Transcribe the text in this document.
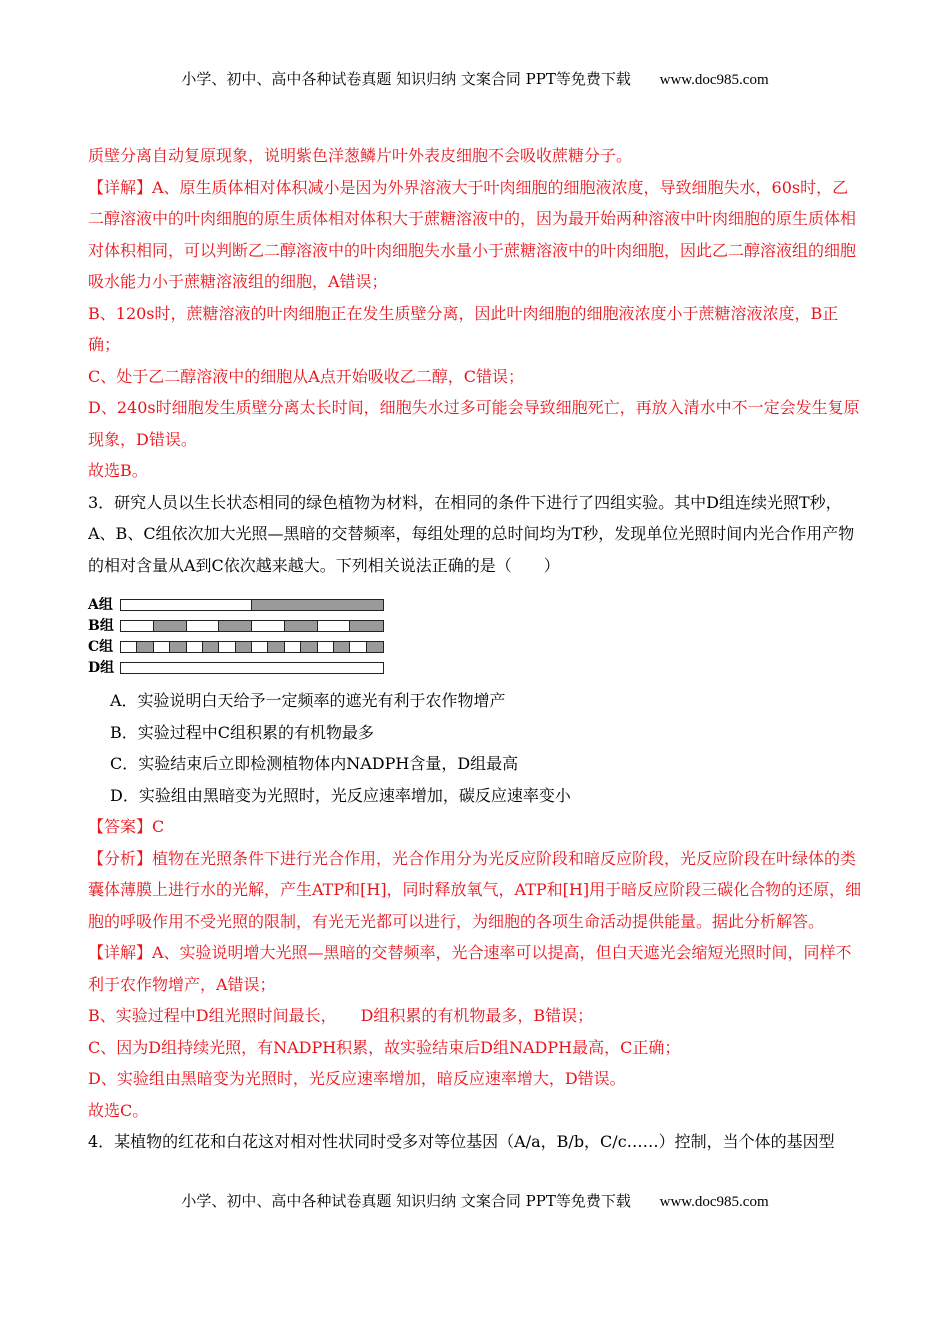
小学、初中、高中各种试卷真题 知识归纳 文案合同 PPT等免费下载 www.doc985.com

质壁分离自动复原现象，说明紫色洋葱鳞片叶外表皮细胞不会吸收蔗糖分子。

【详解】A、原生质体相对体积减小是因为外界溶液大于叶肉细胞的细胞液浓度，导致细胞失水，60s时，乙二醇溶液中的叶肉细胞的原生质体相对体积大于蔗糖溶液中的，因为最开始两种溶液中叶肉细胞的原生质体相对体积相同，可以判断乙二醇溶液中的叶肉细胞失水量小于蔗糖溶液中的叶肉细胞，因此乙二醇溶液组的细胞吸水能力小于蔗糖溶液组的细胞，A错误；

B、120s时，蔗糖溶液的叶肉细胞正在发生质壁分离，因此叶肉细胞的细胞液浓度小于蔗糖溶液浓度，B正确；

C、处于乙二醇溶液中的细胞从A点开始吸收乙二醇，C错误；

D、240s时细胞发生质壁分离太长时间，细胞失水过多可能会导致细胞死亡，再放入清水中不一定会发生复原现象，D错误。

故选B。

3．研究人员以生长状态相同的绿色植物为材料，在相同的条件下进行了四组实验。其中D组连续光照T秒，A、B、C组依次加大光照—黑暗的交替频率，每组处理的总时间均为T秒，发现单位光照时间内光合作用产物的相对含量从A到C依次越来越大。下列相关说法正确的是（　　）

A组
B组
C组
D组

A．实验说明白天给予一定频率的遮光有利于农作物增产

B．实验过程中C组积累的有机物最多

C．实验结束后立即检测植物体内NADPH含量，D组最高

D．实验组由黑暗变为光照时，光反应速率增加，碳反应速率变小

【答案】C

【分析】植物在光照条件下进行光合作用，光合作用分为光反应阶段和暗反应阶段，光反应阶段在叶绿体的类囊体薄膜上进行水的光解，产生ATP和[H]，同时释放氧气，ATP和[H]用于暗反应阶段三碳化合物的还原，细胞的呼吸作用不受光照的限制，有光无光都可以进行，为细胞的各项生命活动提供能量。据此分析解答。

【详解】A、实验说明增大光照—黑暗的交替频率，光合速率可以提高，但白天遮光会缩短光照时间，同样不利于农作物增产，A错误；

B、实验过程中D组光照时间最长，　　D组积累的有机物最多，B错误；

C、因为D组持续光照，有NADPH积累，故实验结束后D组NADPH最高，C正确；

D、实验组由黑暗变为光照时，光反应速率增加，暗反应速率增大，D错误。

故选C。

4．某植物的红花和白花这对相对性状同时受多对等位基因（A/a，B/b，C/c……）控制，当个体的基因型

小学、初中、高中各种试卷真题 知识归纳 文案合同 PPT等免费下载 www.doc985.com
